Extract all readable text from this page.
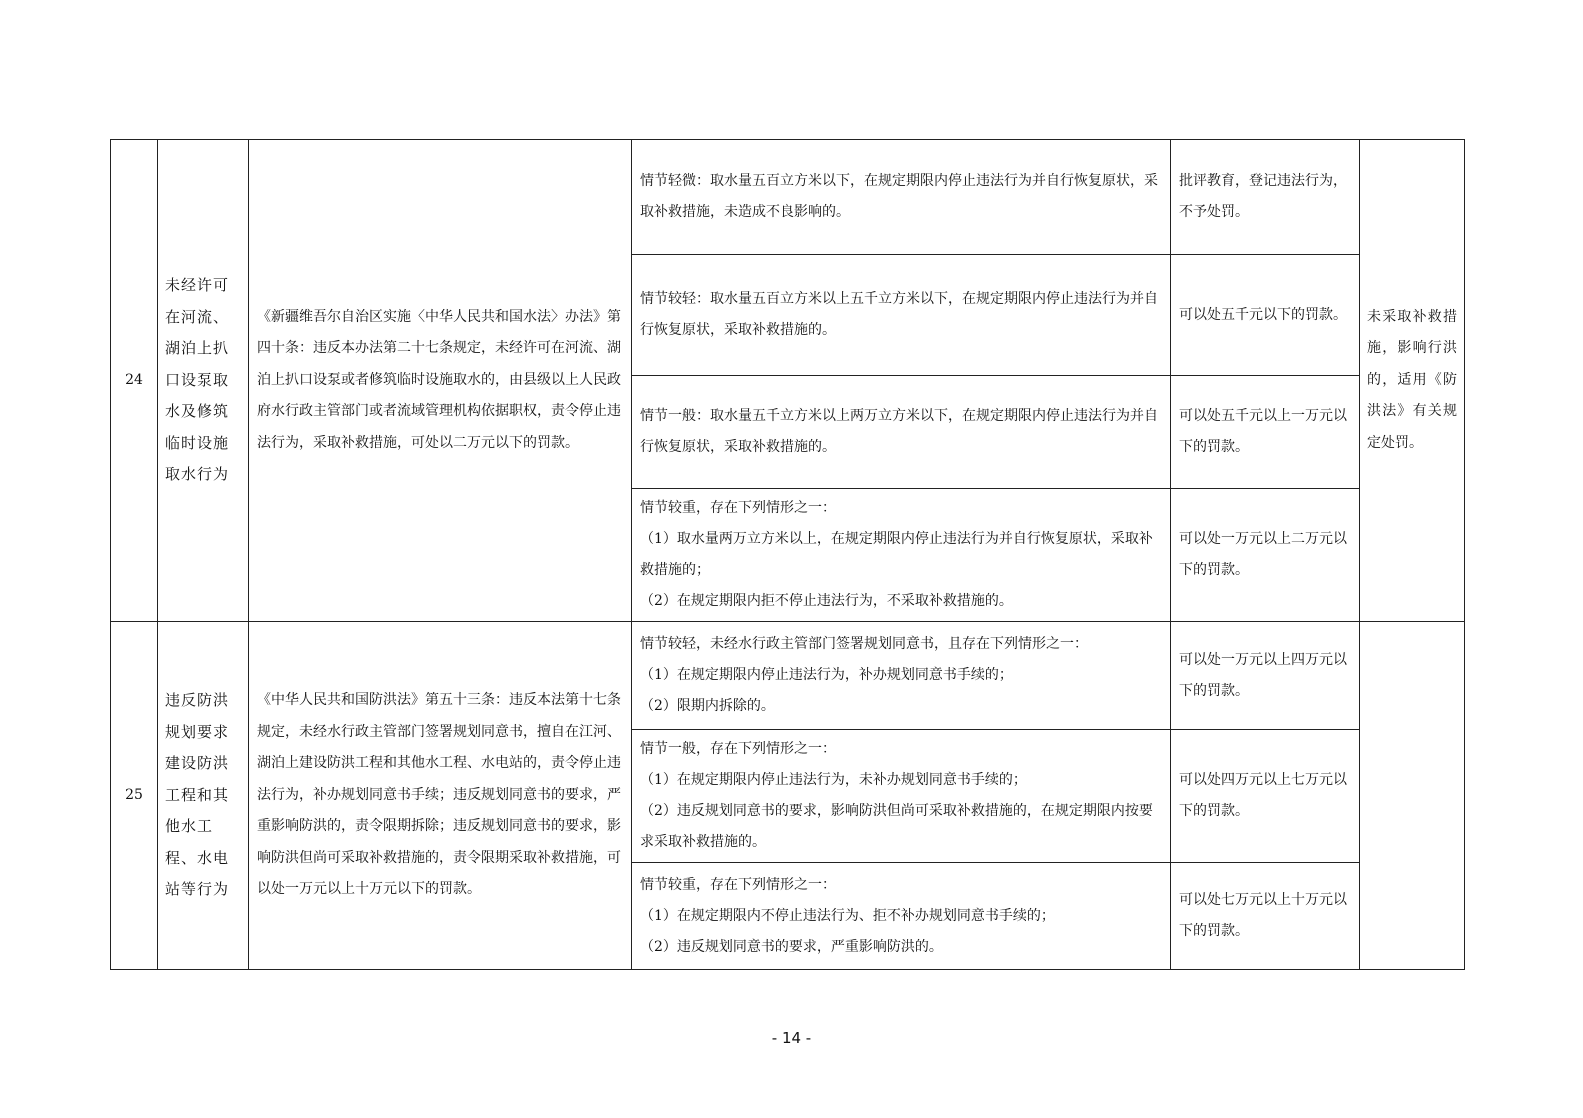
24	未经许可在河流、湖泊上扒口设泵取水及修筑临时设施取水行为	《新疆维吾尔自治区实施〈中华人民共和国水法〉办法》第四十条：违反本办法第二十七条规定，未经许可在河流、湖泊上扒口设泵或者修筑临时设施取水的，由县级以上人民政府水行政主管部门或者流域管理机构依据职权，责令停止违法行为，采取补救措施，可处以二万元以下的罚款。	情节轻微：取水量五百立方米以下，在规定期限内停止违法行为并自行恢复原状，采取补救措施，未造成不良影响的。	批评教育，登记违法行为，不予处罚。	未采取补救措施，影响行洪的，适用《防洪法》有关规定处罚。

			情节较轻：取水量五百立方米以上五千立方米以下，在规定期限内停止违法行为并自行恢复原状，采取补救措施的。	可以处五千元以下的罚款。	

			情节一般：取水量五千立方米以上两万立方米以下，在规定期限内停止违法行为并自行恢复原状，采取补救措施的。	可以处五千元以上一万元以下的罚款。	

			情节较重，存在下列情形之一：
（1）取水量两万立方米以上，在规定期限内停止违法行为并自行恢复原状，采取补救措施的；
（2）在规定期限内拒不停止违法行为，不采取补救措施的。	可以处一万元以上二万元以下的罚款。	
25	违反防洪规划要求建设防洪工程和其他水工程、水电站等行为	《中华人民共和国防洪法》第五十三条：违反本法第十七条规定，未经水行政主管部门签署规划同意书，擅自在江河、湖泊上建设防洪工程和其他水工程、水电站的，责令停止违法行为，补办规划同意书手续；违反规划同意书的要求，严重影响防洪的，责令限期拆除；违反规划同意书的要求，影响防洪但尚可采取补救措施的，责令限期采取补救措施，可以处一万元以上十万元以下的罚款。	情节较轻，未经水行政主管部门签署规划同意书，且存在下列情形之一：
（1）在规定期限内停止违法行为，补办规划同意书手续的；
（2）限期内拆除的。	可以处一万元以上四万元以下的罚款。	

			情节一般，存在下列情形之一：
（1）在规定期限内停止违法行为，未补办规划同意书手续的；
（2）违反规划同意书的要求，影响防洪但尚可采取补救措施的，在规定期限内按要求采取补救措施的。	可以处四万元以上七万元以下的罚款。	

			情节较重，存在下列情形之一：
（1）在规定期限内不停止违法行为、拒不补办规划同意书手续的；
（2）违反规划同意书的要求，严重影响防洪的。	可以处七万元以上十万元以下的罚款。	
- 14 -
